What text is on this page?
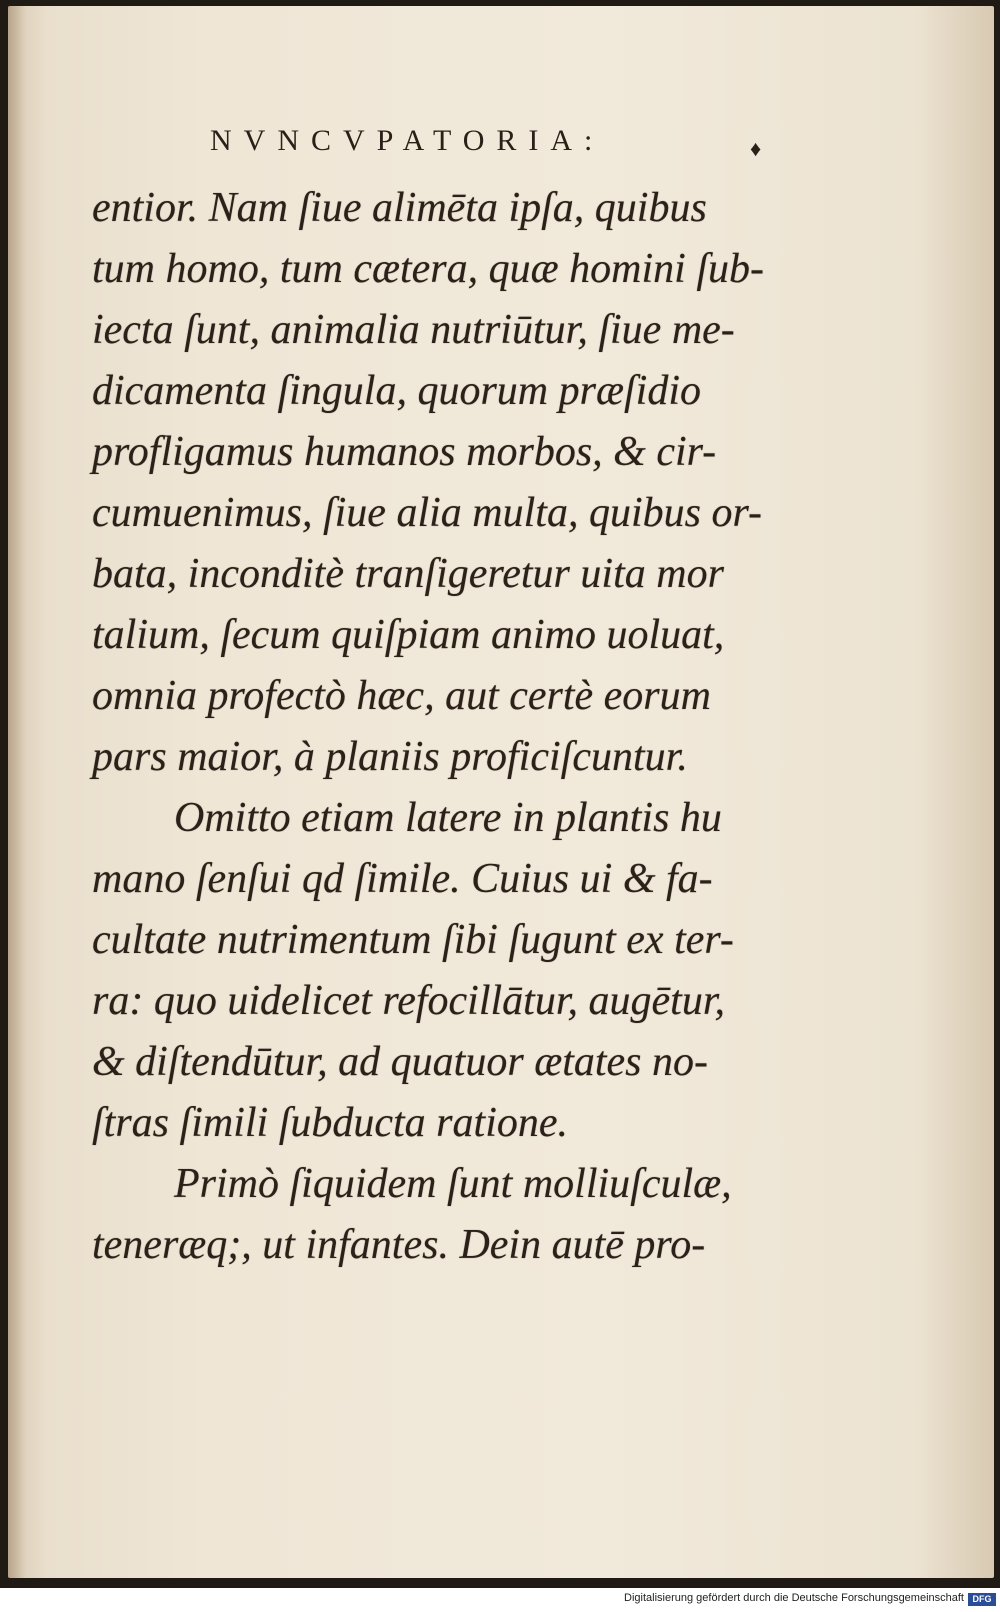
NVNCVPATORIA:	♦
entior. Nam ſiue alimēta ipſa, quibus
tum homo, tum cætera, quæ homini ſub-
iecta ſunt, animalia nutriūtur, ſiue me-
dicamenta ſingula, quorum præſidio
profligamus humanos morbos, & cir-
cumuenimus, ſiue alia multa, quibus or-
bata, inconditè tranſigeretur uita mor
talium, ſecum quiſpiam animo uoluat,
omnia profectò hæc, aut certè eorum
pars maior, à planiis proficiſcuntur.
Omitto etiam latere in plantis hu
mano ſenſui qd ſimile. Cuius ui & fa-
cultate nutrimentum ſibi ſugunt ex ter-
ra: quo uidelicet refocillātur, augētur,
& diſtendūtur, ad quatuor ætates no-
ſtras ſimili ſubducta ratione.
Primò ſiquidem ſunt molliuſculæ,
teneræq;, ut infantes. Dein autē pro-
Digitalisierung gefördert durch die Deutsche Forschungsgemeinschaft DFG
